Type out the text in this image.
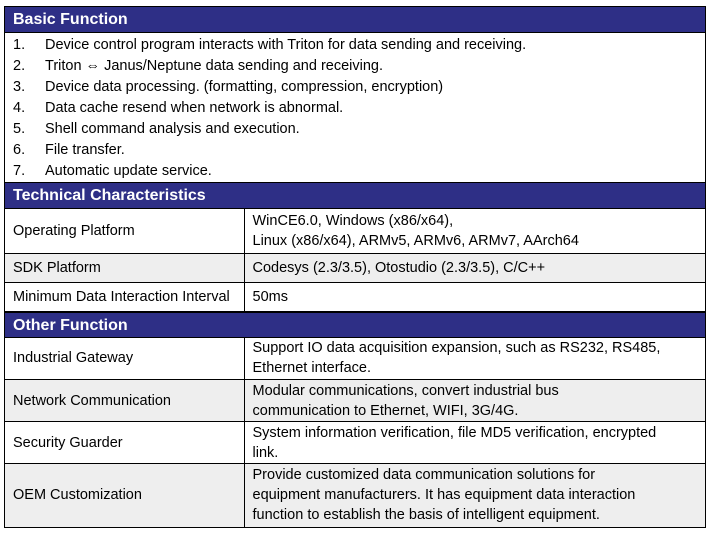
Basic Function
1.	Device control program interacts with Triton for data sending and receiving.
2.	Triton ⇔ Janus/Neptune data sending and receiving.
3.	Device data processing. (formatting, compression, encryption)
4.	Data cache resend when network is abnormal.
5.	Shell command analysis and execution.
6.	File transfer.
7.	Automatic update service.
Technical Characteristics
Operating Platform	WinCE6.0, Windows (x86/x64),
Linux (x86/x64), ARMv5, ARMv6, ARMv7, AArch64

SDK Platform	Codesys (2.3/3.5), Otostudio (2.3/3.5), C/C++

Minimum Data Interaction Interval	50ms
Other Function
Industrial Gateway	Support IO data acquisition expansion, such as RS232, RS485,
Ethernet interface.

Network Communication	Modular communications, convert industrial bus
communication to Ethernet, WIFI, 3G/4G.

Security Guarder	System information verification, file MD5 verification, encrypted
link.

OEM Customization	Provide customized data communication solutions for
equipment manufacturers. It has equipment data interaction
function to establish the basis of intelligent equipment.
